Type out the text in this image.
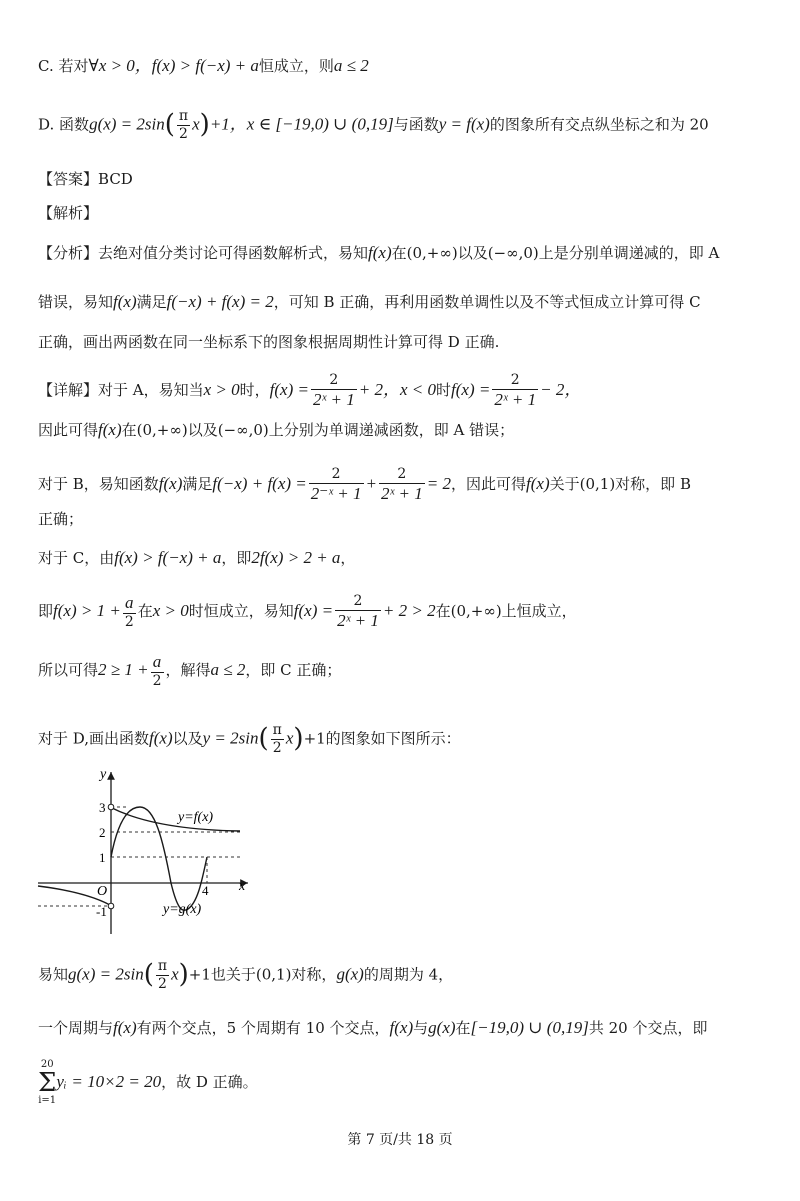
C. 若对∀x > 0，f(x) > f(−x) + a恒成立，则a ≤ 2
D. 函数$g(x) = 2\sin( \frac{\pi}{2} x)+1$，x ∈ [−19,0) ∪ (0,19]与函数y = f(x)的图象所有交点纵坐标之和为 20
【答案】BCD
【解析】
【分析】去绝对值分类讨论可得函数解析式，易知f(x)在(0,+∞)以及(−∞,0)上是分别单调递减的，即 A
错误，易知f(x)满足f(−x) + f(x) = 2，可知 B 正确，再利用函数单调性以及不等式恒成立计算可得 C
正确，画出两函数在同一坐标系下的图象根据周期性计算可得 D 正确.
【详解】对于 A，易知当x > 0时，$f(x) = \frac{2}{\text{2ˣ + 1}} + 2$，x < 0时$f(x) = \frac{2}{\text{2ˣ + 1}} - 2$，
因此可得f(x)在(0,+∞)以及(−∞,0)上分别为单调递减函数，即 A 错误；
对于 B，易知函数f(x)满足$f(-x) + f(x) = \frac{2}{\text{2⁻ˣ + 1}} + \frac{2}{\text{2ˣ + 1}} = 2$，因此可得f(x)关于(0,1)对称，即 B
正确；
对于 C，由f(x) > f(−x) + a，即2f(x) > 2 + a，
即$f(x) > 1 + \frac{a}{2}$ 在x > 0时恒成立，易知$f(x) = \frac{2}{\text{2ˣ + 1}} + 2 > 2$在(0,+∞)上恒成立，
所以可得$2 \ge 1 + \frac{a}{2}$ ，解得a ≤ 2，即 C 正确；
对于 D,画出函数f(x)以及$y = 2\sin( \frac{\pi}{2} x)+1$的图象如下图所示：
y
x
O
3
2
1
-1
4
y=f(x)
y=g(x)
易知$g(x) = 2\sin( \frac{\pi}{2} x)+1$也关于(0,1)对称，g(x)的周期为 4，
一个周期与f(x)有两个交点，5 个周期有 10 个交点，f(x)与g(x)在[−19,0) ∪ (0,19]共 20 个交点，即
20
Σ
i=1yᵢ = 10×2 = 20，故 D 正确。
第 7 页/共 18 页
